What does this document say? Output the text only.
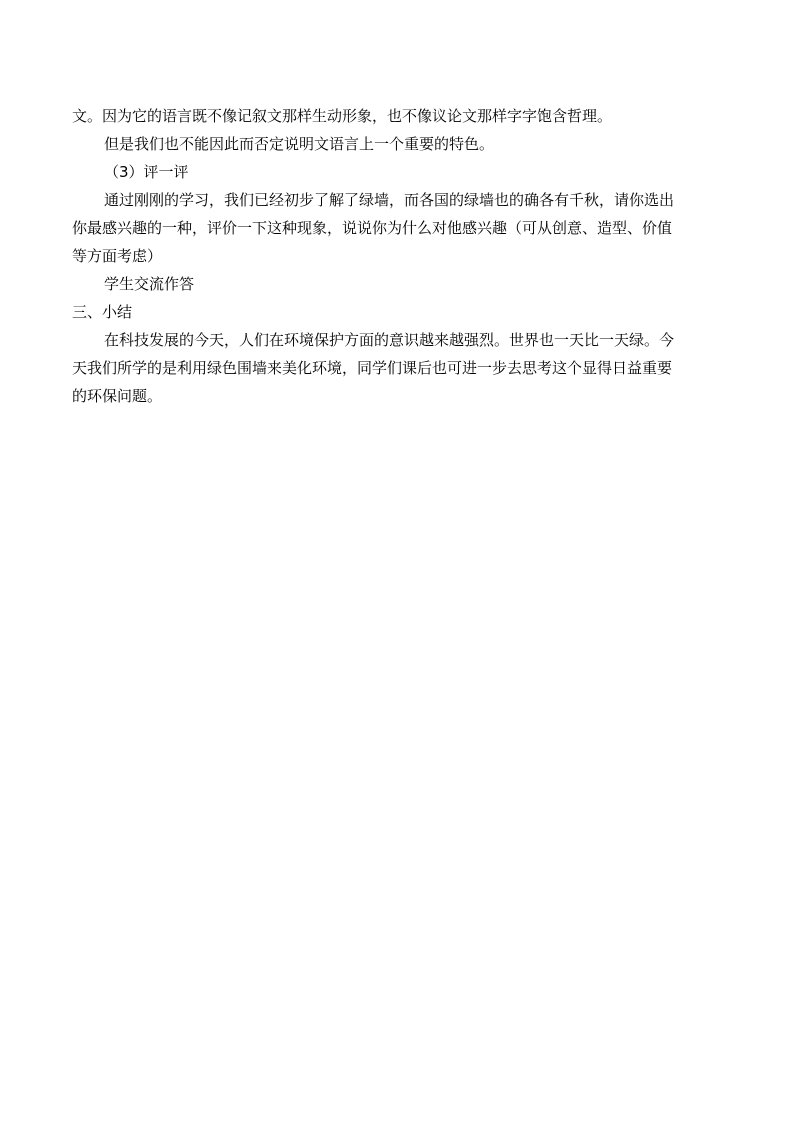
文。因为它的语言既不像记叙文那样生动形象，也不像议论文那样字字饱含哲理。
但是我们也不能因此而否定说明文语言上一个重要的特色。
（3）评一评
通过刚刚的学习，我们已经初步了解了绿墙，而各国的绿墙也的确各有千秋，请你选出
你最感兴趣的一种，评价一下这种现象，说说你为什么对他感兴趣（可从创意、造型、价值
等方面考虑）
学生交流作答
三、小结
在科技发展的今天，人们在环境保护方面的意识越来越强烈。世界也一天比一天绿。今
天我们所学的是利用绿色围墙来美化环境，同学们课后也可进一步去思考这个显得日益重要
的环保问题。
